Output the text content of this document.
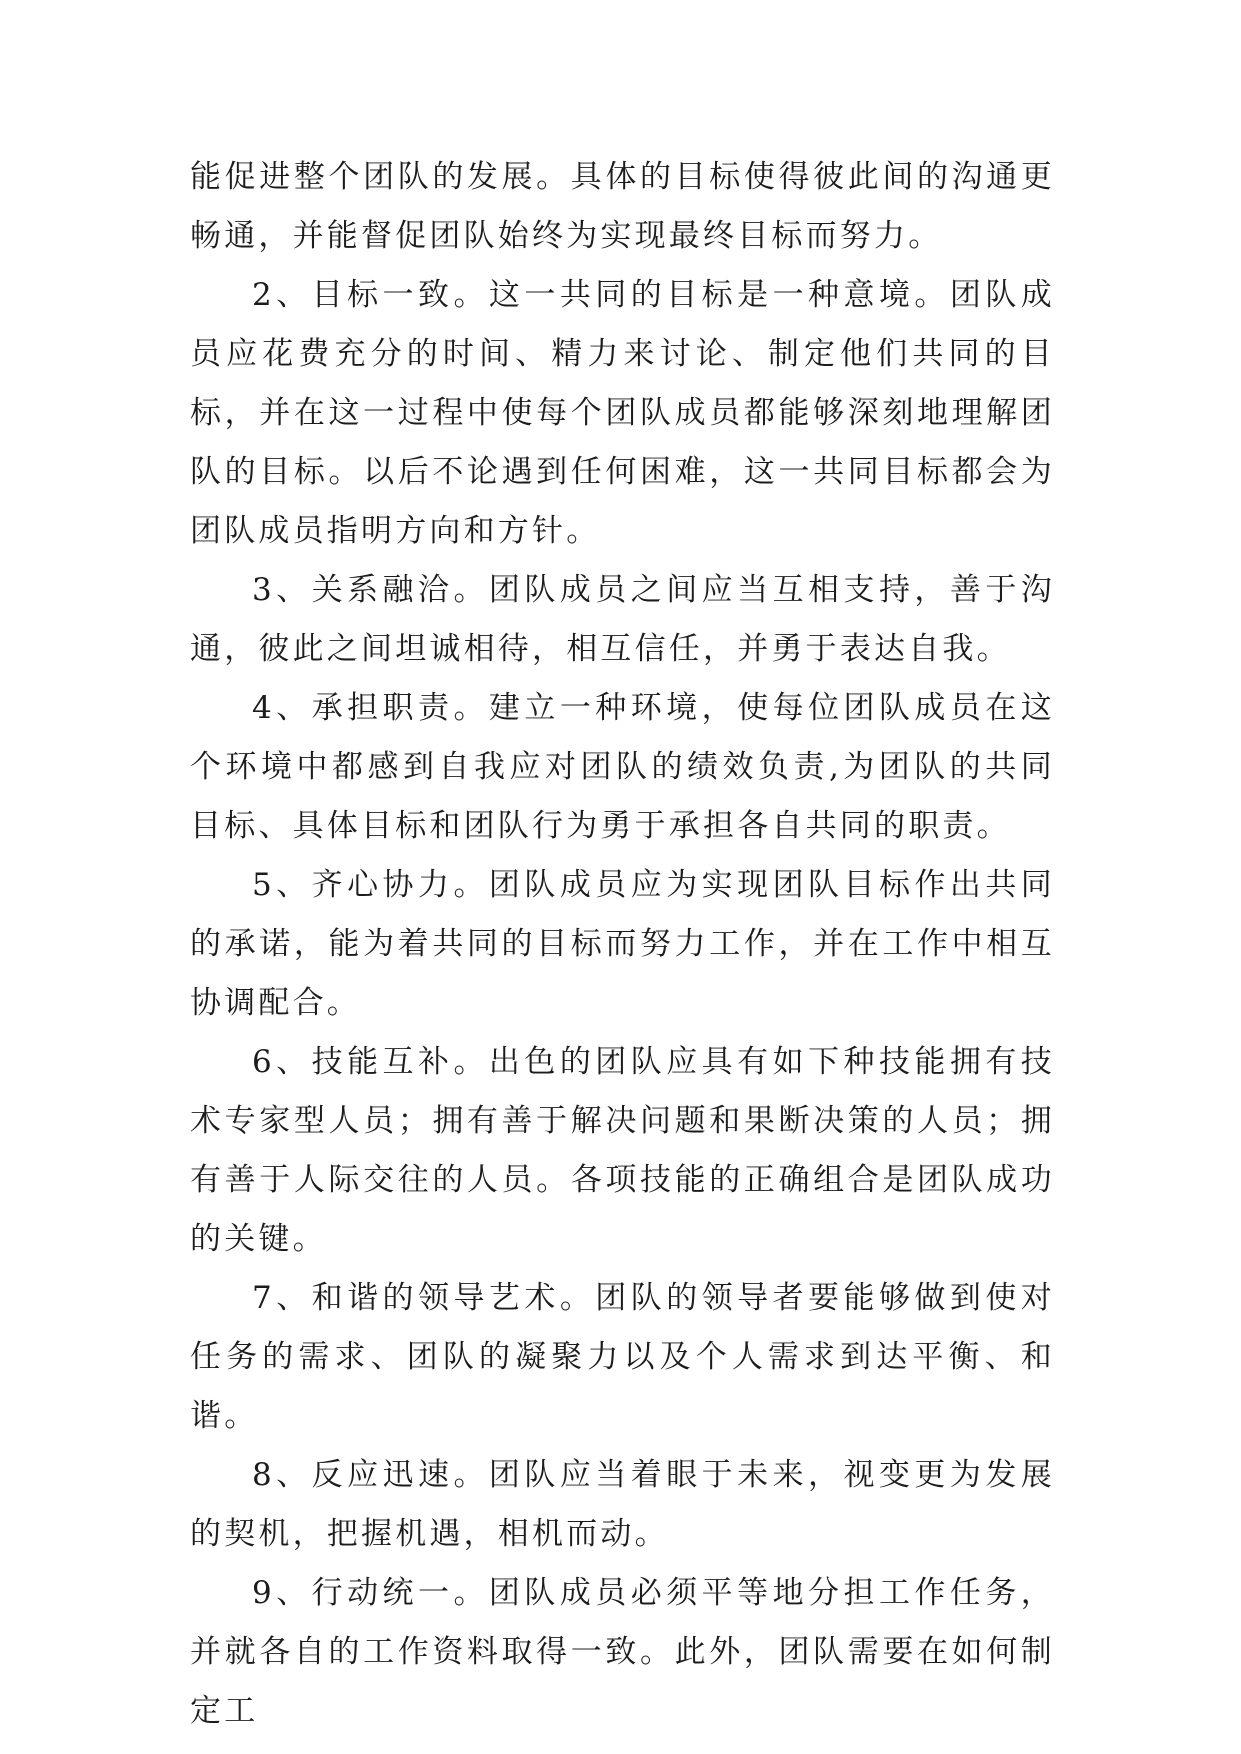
能促进整个团队的发展。具体的目标使得彼此间的沟通更畅通，并能督促团队始终为实现最终目标而努力。

2、目标一致。这一共同的目标是一种意境。团队成员应花费充分的时间、精力来讨论、制定他们共同的目标，并在这一过程中使每个团队成员都能够深刻地理解团队的目标。以后不论遇到任何困难，这一共同目标都会为团队成员指明方向和方针。

3、关系融洽。团队成员之间应当互相支持，善于沟通，彼此之间坦诚相待，相互信任，并勇于表达自我。

4、承担职责。建立一种环境，使每位团队成员在这个环境中都感到自我应对团队的绩效负责,为团队的共同目标、具体目标和团队行为勇于承担各自共同的职责。

5、齐心协力。团队成员应为实现团队目标作出共同的承诺，能为着共同的目标而努力工作，并在工作中相互协调配合。

6、技能互补。出色的团队应具有如下种技能拥有技术专家型人员；拥有善于解决问题和果断决策的人员；拥有善于人际交往的人员。各项技能的正确组合是团队成功的关键。

7、和谐的领导艺术。团队的领导者要能够做到使对任务的需求、团队的凝聚力以及个人需求到达平衡、和谐。

8、反应迅速。团队应当着眼于未来，视变更为发展的契机，把握机遇，相机而动。

9、行动统一。团队成员必须平等地分担工作任务，并就各自的工作资料取得一致。此外，团队需要在如何制定工
